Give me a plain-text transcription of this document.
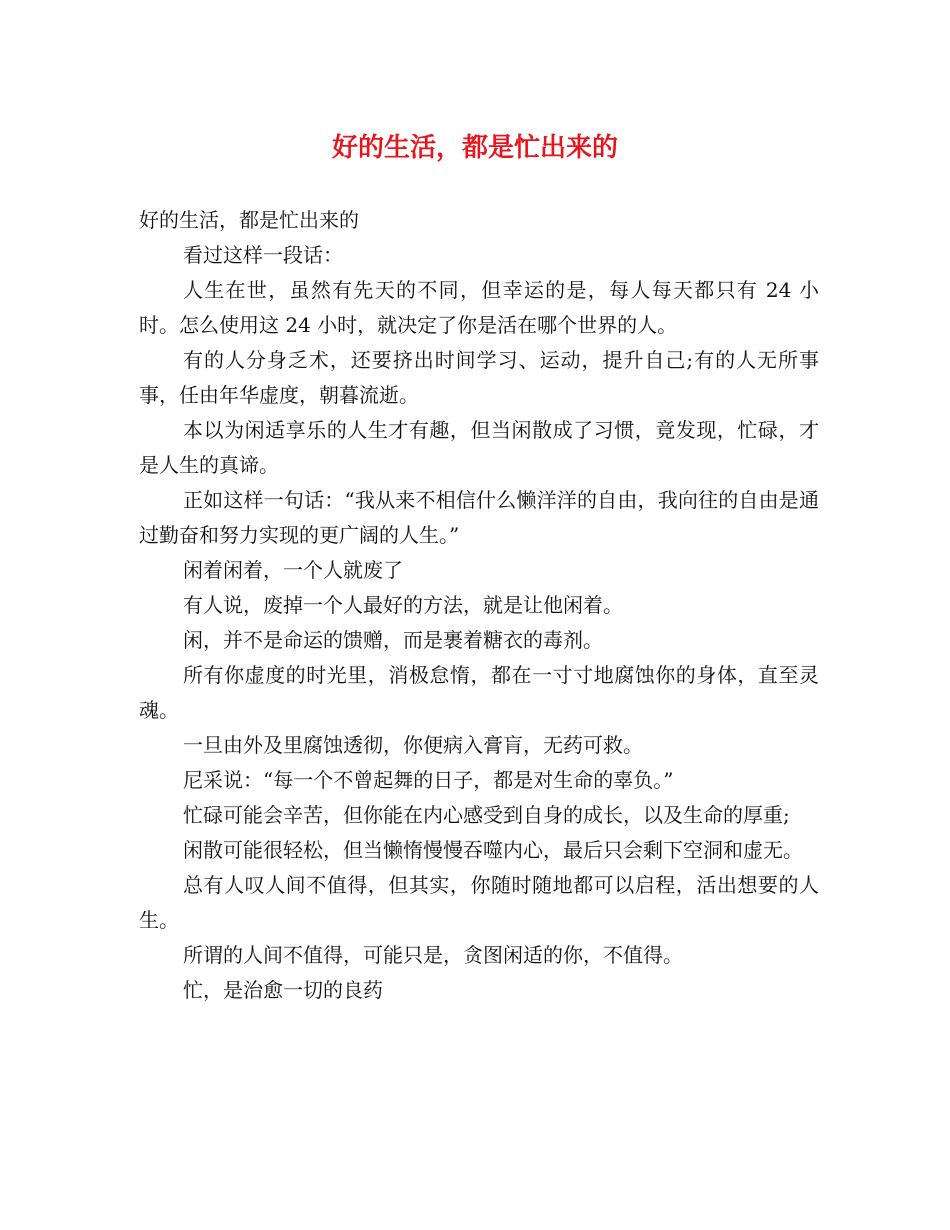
好的生活，都是忙出来的

好的生活，都是忙出来的

看过这样一段话：

人生在世，虽然有先天的不同，但幸运的是，每人每天都只有 24 小时。怎么使用这 24 小时，就决定了你是活在哪个世界的人。

有的人分身乏术，还要挤出时间学习、运动，提升自己;有的人无所事事，任由年华虚度，朝暮流逝。

本以为闲适享乐的人生才有趣，但当闲散成了习惯，竟发现，忙碌，才是人生的真谛。

正如这样一句话：“我从来不相信什么懒洋洋的自由，我向往的自由是通过勤奋和努力实现的更广阔的人生。”

闲着闲着，一个人就废了

有人说，废掉一个人最好的方法，就是让他闲着。

闲，并不是命运的馈赠，而是裹着糖衣的毒剂。

所有你虚度的时光里，消极怠惰，都在一寸寸地腐蚀你的身体，直至灵魂。

一旦由外及里腐蚀透彻，你便病入膏肓，无药可救。

尼采说：“每一个不曾起舞的日子，都是对生命的辜负。”

忙碌可能会辛苦，但你能在内心感受到自身的成长，以及生命的厚重;

闲散可能很轻松，但当懒惰慢慢吞噬内心，最后只会剩下空洞和虚无。

总有人叹人间不值得，但其实，你随时随地都可以启程，活出想要的人生。

所谓的人间不值得，可能只是，贪图闲适的你，不值得。

忙，是治愈一切的良药
